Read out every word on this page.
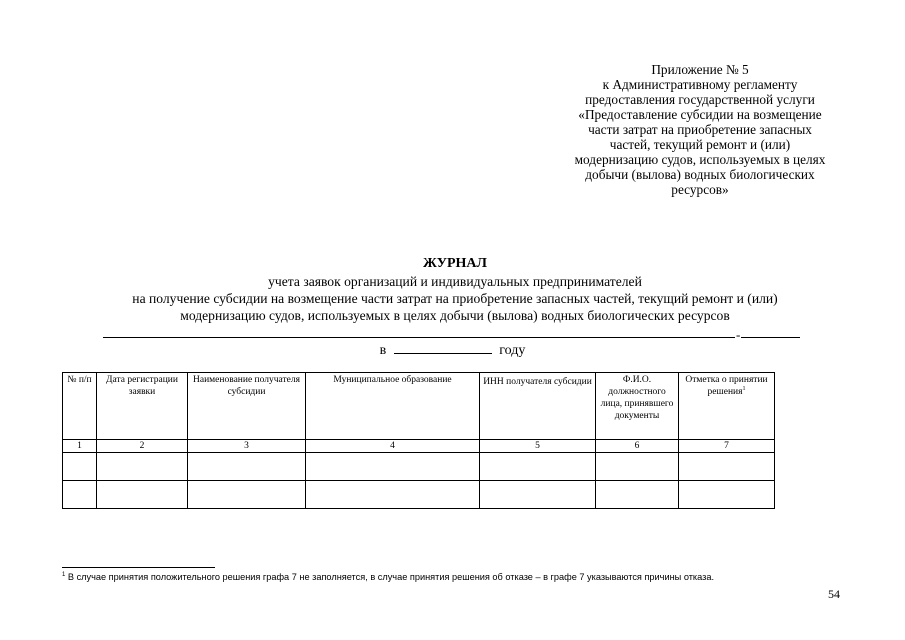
Приложение № 5
к Административному регламенту
предоставления государственной услуги
«Предоставление субсидии на возмещение
части затрат на приобретение запасных
частей, текущий ремонт и (или)
модернизацию судов, используемых в целях
добычи (вылова) водных биологических
ресурсов»
ЖУРНАЛ
учета заявок организаций и индивидуальных предпринимателей
на получение субсидии на возмещение части затрат на приобретение запасных частей, текущий ремонт и (или)
модернизацию судов, используемых в целях добычи (вылова) водных биологических ресурсов
-
в	году
№ п/п	Дата регистрации заявки	Наименование получателя субсидии	Муниципальное образование	ИНН получателя субсидии	Ф.И.О. должностного лица, принявшего документы	Отметка о принятии решения$^1$
1	2	3	4	5	6	7

$^1$ В случае принятия положительного решения графа 7 не заполняется, в случае принятия решения об отказе – в графе 7 указываются причины отказа.
54
